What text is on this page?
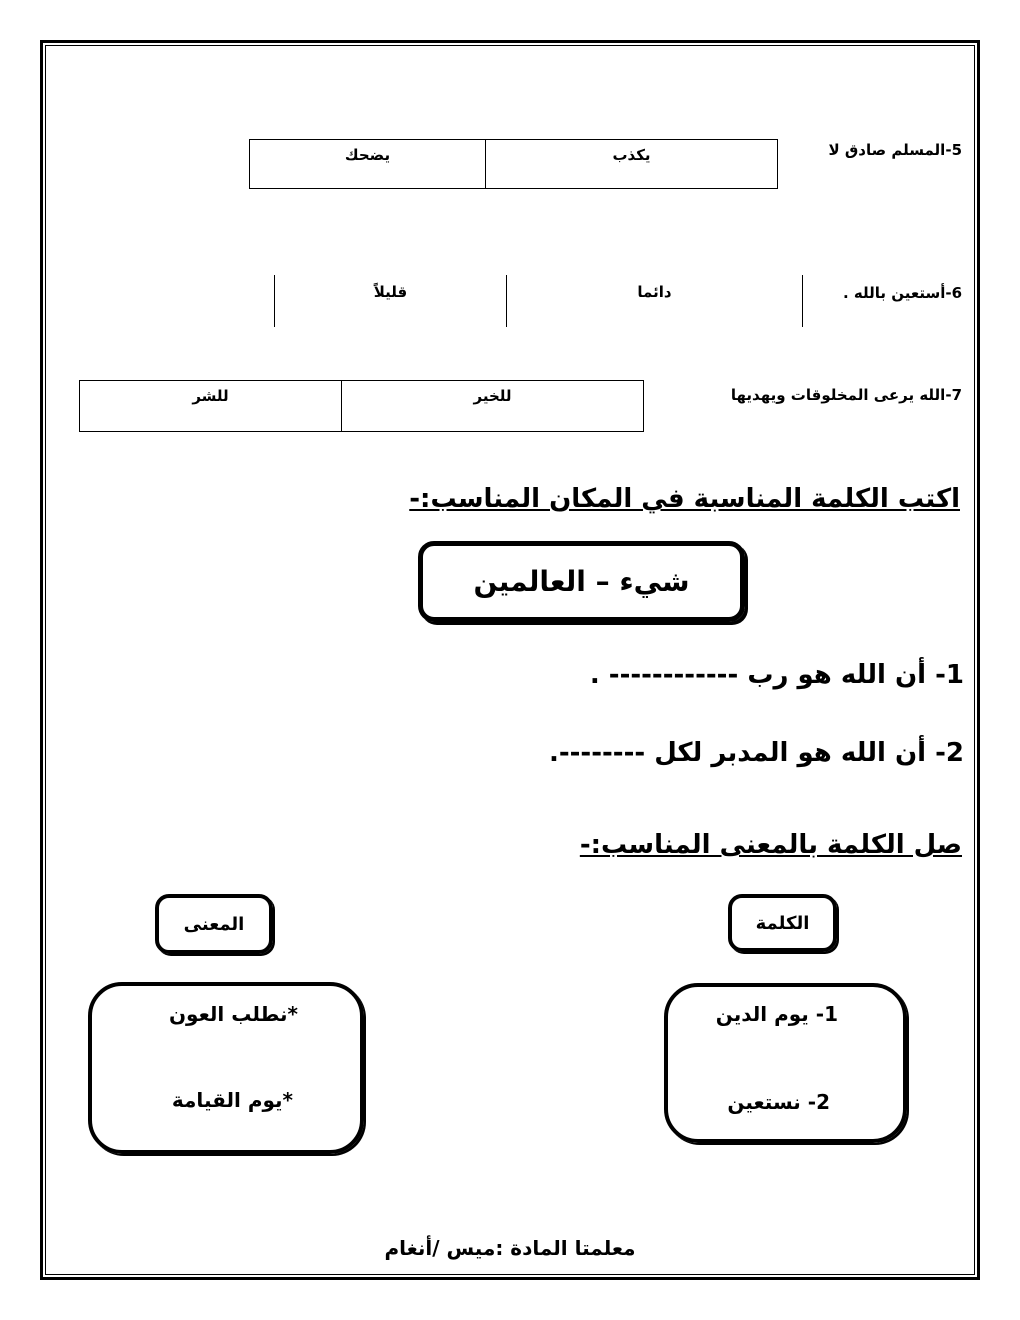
5-المسلم صادق لا
يضحك	يكذب
6-أستعين بالله .
دائما
قليلاً
7-الله يرعى المخلوقات ويهديها
للشر	للخير
اكتب الكلمة المناسبة في المكان المناسب:-
شيء – العالمين
1- أن الله هو رب ------------ .
2- أن الله هو المدبر لكل --------.
صل الكلمة بالمعنى المناسب:-
الكلمة
المعنى
1- يوم الدين
2- نستعين
*نطلب العون
*يوم القيامة
معلمتا المادة :ميس /أنغام
